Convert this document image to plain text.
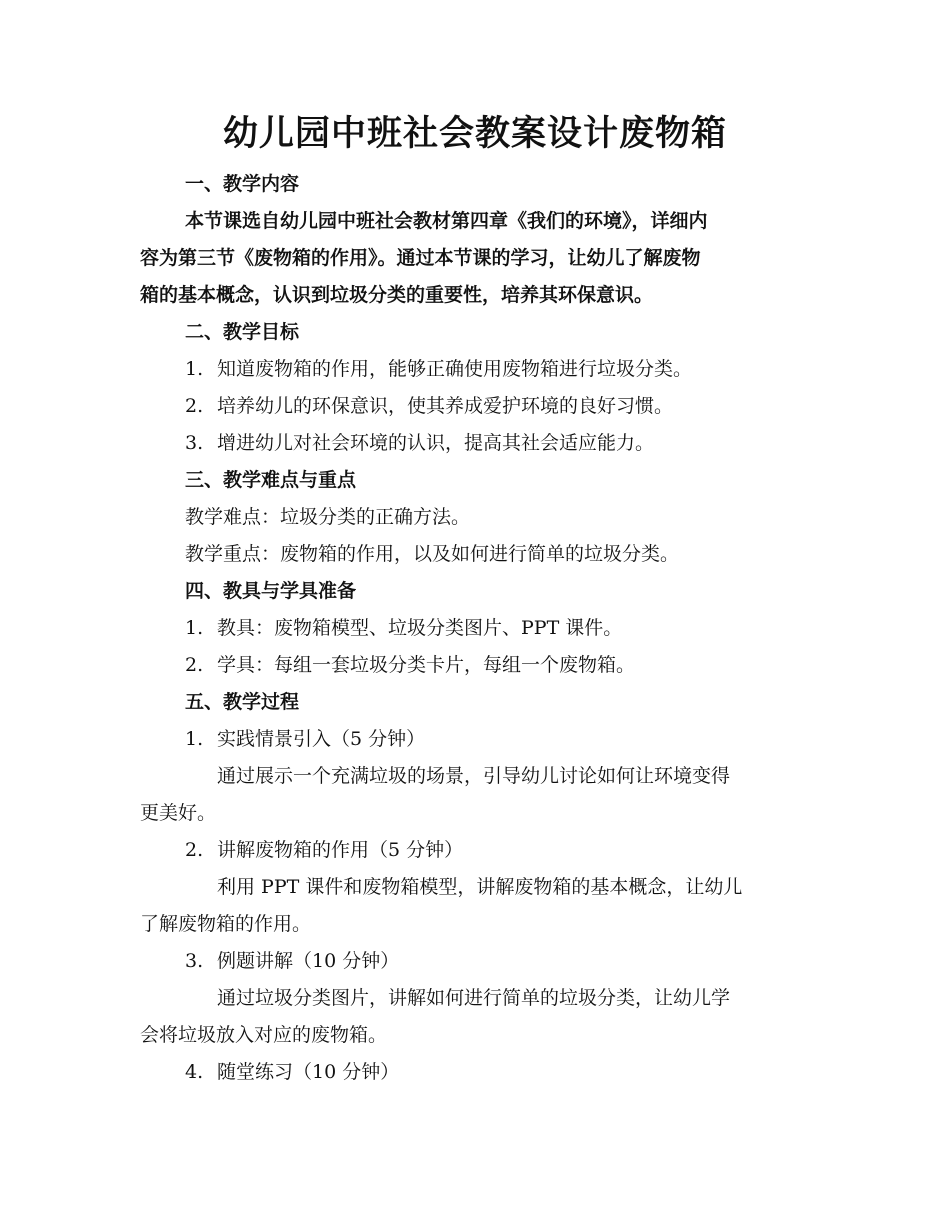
幼儿园中班社会教案设计废物箱
一、教学内容
本节课选自幼儿园中班社会教材第四章《我们的环境》，详细内
容为第三节《废物箱的作用》。通过本节课的学习，让幼儿了解废物
箱的基本概念，认识到垃圾分类的重要性，培养其环保意识。
二、教学目标
1. 知道废物箱的作用，能够正确使用废物箱进行垃圾分类。
2. 培养幼儿的环保意识，使其养成爱护环境的良好习惯。
3. 增进幼儿对社会环境的认识，提高其社会适应能力。
三、教学难点与重点
教学难点：垃圾分类的正确方法。
教学重点：废物箱的作用，以及如何进行简单的垃圾分类。
四、教具与学具准备
1. 教具：废物箱模型、垃圾分类图片、PPT 课件。
2. 学具：每组一套垃圾分类卡片，每组一个废物箱。
五、教学过程
1. 实践情景引入（5 分钟）
通过展示一个充满垃圾的场景，引导幼儿讨论如何让环境变得
更美好。
2. 讲解废物箱的作用（5 分钟）
利用 PPT 课件和废物箱模型，讲解废物箱的基本概念，让幼儿
了解废物箱的作用。
3. 例题讲解（10 分钟）
通过垃圾分类图片，讲解如何进行简单的垃圾分类，让幼儿学
会将垃圾放入对应的废物箱。
4. 随堂练习（10 分钟）
